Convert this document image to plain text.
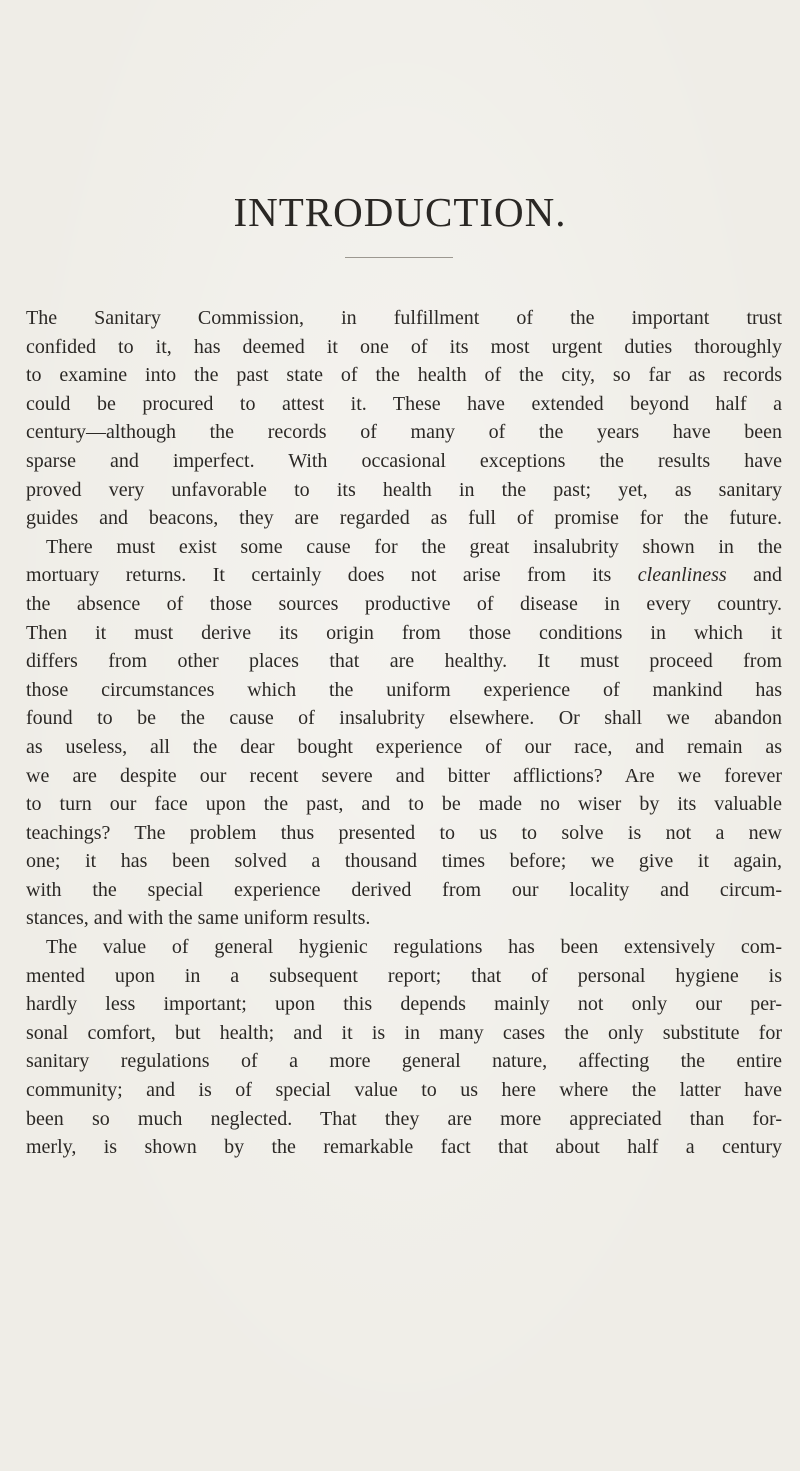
INTRODUCTION.
The Sanitary Commission, in fulfillment of the important trust
confided to it, has deemed it one of its most urgent duties thoroughly
to examine into the past state of the health of the city, so far as records
could be procured to attest it. These have extended beyond half a
century—although the records of many of the years have been
sparse and imperfect. With occasional exceptions the results have
proved very unfavorable to its health in the past; yet, as sanitary
guides and beacons, they are regarded as full of promise for the future.
There must exist some cause for the great insalubrity shown in the
mortuary returns. It certainly does not arise from its cleanliness and
the absence of those sources productive of disease in every country.
Then it must derive its origin from those conditions in which it
differs from other places that are healthy. It must proceed from
those circumstances which the uniform experience of mankind has
found to be the cause of insalubrity elsewhere. Or shall we abandon
as useless, all the dear bought experience of our race, and remain as
we are despite our recent severe and bitter afflictions? Are we forever
to turn our face upon the past, and to be made no wiser by its valuable
teachings? The problem thus presented to us to solve is not a new
one; it has been solved a thousand times before; we give it again,
with the special experience derived from our locality and circum-
stances, and with the same uniform results.
The value of general hygienic regulations has been extensively com-
mented upon in a subsequent report; that of personal hygiene is
hardly less important; upon this depends mainly not only our per-
sonal comfort, but health; and it is in many cases the only substitute for
sanitary regulations of a more general nature, affecting the entire
community; and is of special value to us here where the latter have
been so much neglected. That they are more appreciated than for-
merly, is shown by the remarkable fact that about half a century
